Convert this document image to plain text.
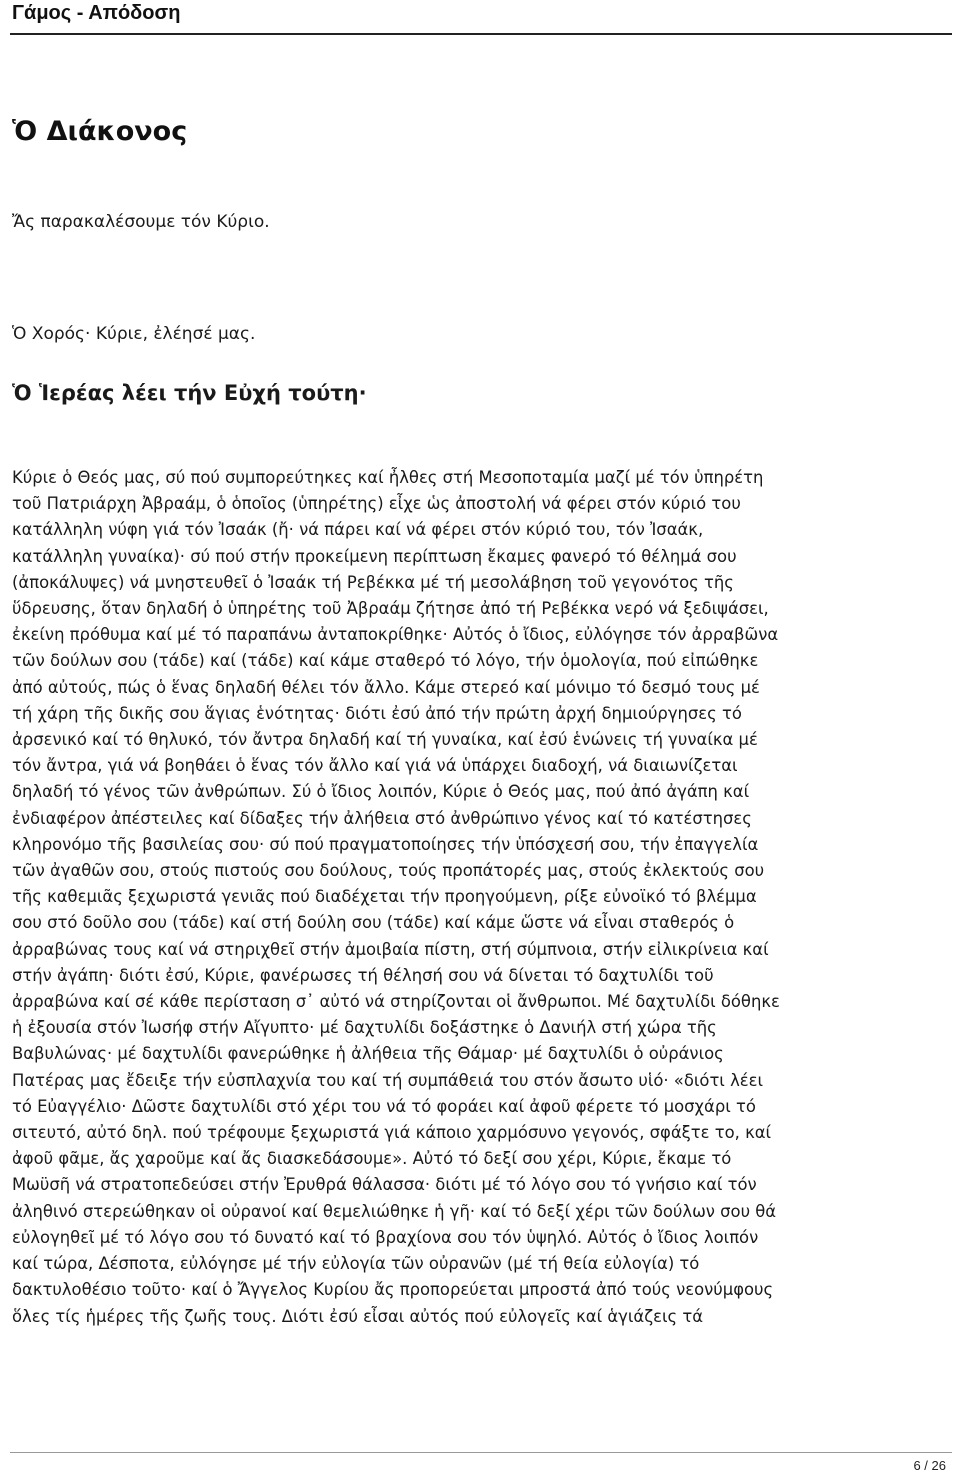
Γάμος - Απόδοση
Ὁ Διάκονος
Ἄς παρακαλέσουμε τόν Κύριο.
Ὁ Χορός· Κύριε, ἐλέησέ μας.
Ὁ Ἱερέας λέει τήν Εὐχή τούτη·
Κύριε ὁ Θεός μας, σύ πού συμπορεύτηκες καί ἦλθες στή Μεσοποταμία μαζί μέ τόν ὑπηρέτη
τοῦ Πατριάρχη Ἀβραάμ, ὁ ὁποῖος (ὑπηρέτης) εἶχε ὡς ἀποστολή νά φέρει στόν κύριό του
κατάλληλη νύφη γιά τόν Ἰσαάκ (ἤ· νά πάρει καί νά φέρει στόν κύριό του, τόν Ἰσαάκ,
κατάλληλη γυναίκα)· σύ πού στήν προκείμενη περίπτωση ἔκαμες φανερό τό θέλημά σου
(ἀποκάλυψες) νά μνηστευθεῖ ὁ Ἰσαάκ τή Ρεβέκκα μέ τή μεσολάβηση τοῦ γεγονότος τῆς
ὕδρευσης, ὅταν δηλαδή ὁ ὑπηρέτης τοῦ Ἀβραάμ ζήτησε ἀπό τή Ρεβέκκα νερό νά ξεδιψάσει,
ἐκείνη πρόθυμα καί μέ τό παραπάνω ἀνταποκρίθηκε· Αὐτός ὁ ἴδιος, εὐλόγησε τόν ἀρραβῶνα
τῶν δούλων σου (τάδε) καί (τάδε) καί κάμε σταθερό τό λόγο, τήν ὁμολογία, πού εἰπώθηκε
ἀπό αὐτούς, πώς ὁ ἕνας δηλαδή θέλει τόν ἄλλο. Κάμε στερεό καί μόνιμο τό δεσμό τους μέ
τή χάρη τῆς δικῆς σου ἅγιας ἑνότητας· διότι ἐσύ ἀπό τήν πρώτη ἀρχή δημιούργησες τό
ἀρσενικό καί τό θηλυκό, τόν ἄντρα δηλαδή καί τή γυναίκα, καί ἐσύ ἑνώνεις τή γυναίκα μέ
τόν ἄντρα, γιά νά βοηθάει ὁ ἕνας τόν ἄλλο καί γιά νά ὑπάρχει διαδοχή, νά διαιωνίζεται
δηλαδή τό γένος τῶν ἀνθρώπων. Σύ ὁ ἴδιος λοιπόν, Κύριε ὁ Θεός μας, πού ἀπό ἀγάπη καί
ἐνδιαφέρον ἀπέστειλες καί δίδαξες τήν ἀλήθεια στό ἀνθρώπινο γένος καί τό κατέστησες
κληρονόμο τῆς βασιλείας σου· σύ πού πραγματοποίησες τήν ὑπόσχεσή σου, τήν ἐπαγγελία
τῶν ἀγαθῶν σου, στούς πιστούς σου δούλους, τούς προπάτορές μας, στούς ἐκλεκτούς σου
τῆς καθεμιᾶς ξεχωριστά γενιᾶς πού διαδέχεται τήν προηγούμενη, ρίξε εὐνοϊκό τό βλέμμα
σου στό δοῦλο σου (τάδε) καί στή δούλη σου (τάδε) καί κάμε ὥστε νά εἶναι σταθερός ὁ
ἀρραβώνας τους καί νά στηριχθεῖ στήν ἀμοιβαία πίστη, στή σύμπνοια, στήν εἰλικρίνεια καί
στήν ἀγάπη· διότι ἐσύ, Κύριε, φανέρωσες τή θέλησή σου νά δίνεται τό δαχτυλίδι τοῦ
ἀρραβώνα καί σέ κάθε περίσταση σ᾿ αὐτό νά στηρίζονται οἱ ἄνθρωποι. Μέ δαχτυλίδι δόθηκε
ἡ ἐξουσία στόν Ἰωσήφ στήν Αἴγυπτο· μέ δαχτυλίδι δοξάστηκε ὁ Δανιήλ στή χώρα τῆς
Βαβυλώνας· μέ δαχτυλίδι φανερώθηκε ἡ ἀλήθεια τῆς Θάμαρ· μέ δαχτυλίδι ὁ οὐράνιος
Πατέρας μας ἔδειξε τήν εὐσπλαχνία του καί τή συμπάθειά του στόν ἄσωτο υἱό· «διότι λέει
τό Εὐαγγέλιο· Δῶστε δαχτυλίδι στό χέρι του νά τό φοράει καί ἀφοῦ φέρετε τό μοσχάρι τό
σιτευτό, αὐτό δηλ. πού τρέφουμε ξεχωριστά γιά κάποιο χαρμόσυνο γεγονός, σφάξτε το, καί
ἀφοῦ φᾶμε, ἄς χαροῦμε καί ἄς διασκεδάσουμε». Αὐτό τό δεξί σου χέρι, Κύριε, ἔκαμε τό
Μωϋσῆ νά στρατοπεδεύσει στήν Ἐρυθρά θάλασσα· διότι μέ τό λόγο σου τό γνήσιο καί τόν
ἀληθινό στερεώθηκαν οἱ οὐρανοί καί θεμελιώθηκε ἡ γῆ· καί τό δεξί χέρι τῶν δούλων σου θά
εὐλογηθεῖ μέ τό λόγο σου τό δυνατό καί τό βραχίονα σου τόν ὑψηλό. Αὐτός ὁ ἴδιος λοιπόν
καί τώρα, Δέσποτα, εὐλόγησε μέ τήν εὐλογία τῶν οὐρανῶν (μέ τή θεία εὐλογία) τό
δακτυλοθέσιο τοῦτο· καί ὁ Ἄγγελος Κυρίου ἄς προπορεύεται μπροστά ἀπό τούς νεονύμφους
ὅλες τίς ἡμέρες τῆς ζωῆς τους. Διότι ἐσύ εἶσαι αὐτός πού εὐλογεῖς καί ἁγιάζεις τά
6 / 26
